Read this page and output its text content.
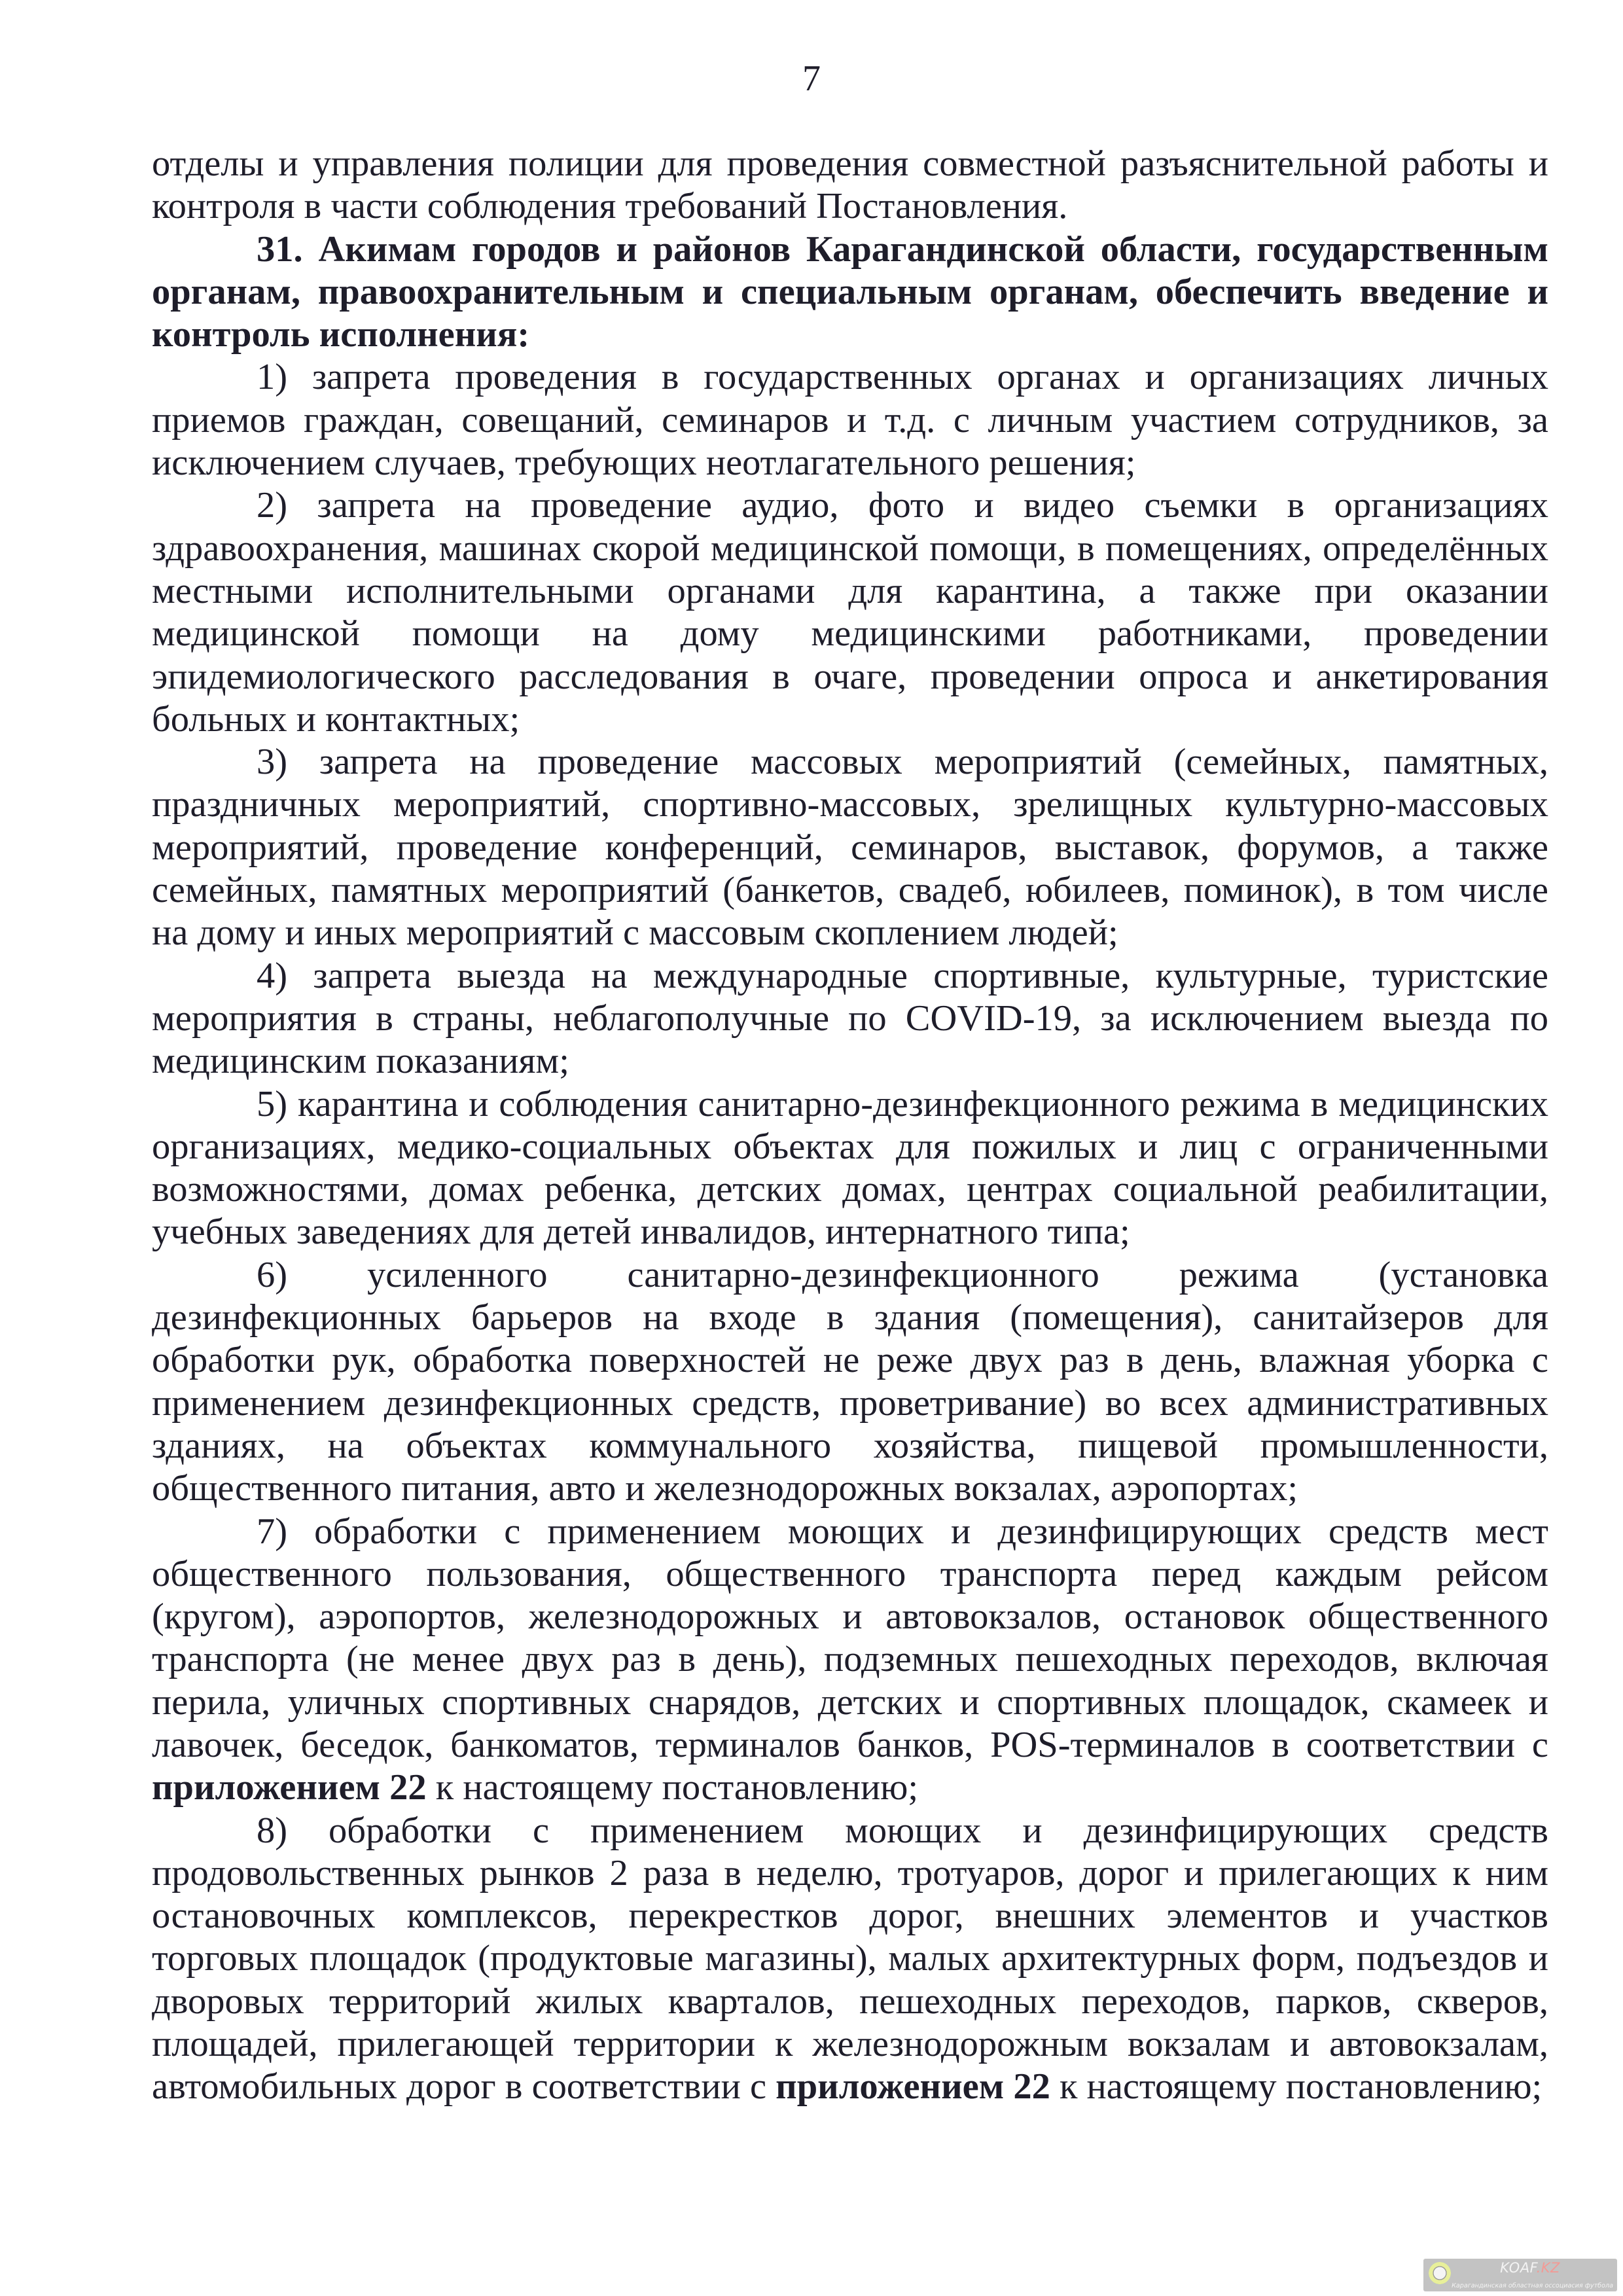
7

отделы и управления полиции для проведения совместной разъяснительной работы и контроля в части соблюдения требований Постановления.

31. Акимам городов и районов Карагандинской области, государственным органам, правоохранительным и специальным органам, обеспечить введение и контроль исполнения:

1) запрета проведения в государственных органах и организациях личных приемов граждан, совещаний, семинаров и т.д. с личным участием сотрудников, за исключением случаев, требующих неотлагательного решения;

2) запрета на проведение аудио, фото и видео съемки в организациях здравоохранения, машинах скорой медицинской помощи, в помещениях, определённых местными исполнительными органами для карантина, а также при оказании медицинской помощи на дому медицинскими работниками, проведении эпидемиологического расследования в очаге, проведении опроса и анкетирования больных и контактных;

3) запрета на проведение массовых мероприятий (семейных, памятных, праздничных мероприятий, спортивно-массовых, зрелищных культурно-массовых мероприятий, проведение конференций, семинаров, выставок, форумов, а также семейных, памятных мероприятий (банкетов, свадеб, юбилеев, поминок), в том числе на дому и иных мероприятий с массовым скоплением людей;

4) запрета выезда на международные спортивные, культурные, туристские мероприятия в страны, неблагополучные по COVID-19, за исключением выезда по медицинским показаниям;

5) карантина и соблюдения санитарно-дезинфекционного режима в медицинских организациях, медико-социальных объектах для пожилых и лиц с ограниченными возможностями, домах ребенка, детских домах, центрах социальной реабилитации, учебных заведениях для детей инвалидов, интернатного типа;

6) усиленного санитарно-дезинфекционного режима (установка дезинфекционных барьеров на входе в здания (помещения), санитайзеров для обработки рук, обработка поверхностей не реже двух раз в день, влажная уборка с применением дезинфекционных средств, проветривание) во всех административных зданиях, на объектах коммунального хозяйства, пищевой промышленности, общественного питания, авто и железнодорожных вокзалах, аэропортах;

7) обработки с применением моющих и дезинфицирующих средств мест общественного пользования, общественного транспорта перед каждым рейсом (кругом), аэропортов, железнодорожных и автовокзалов, остановок общественного транспорта (не менее двух раз в день), подземных пешеходных переходов, включая перила, уличных спортивных снарядов, детских и спортивных площадок, скамеек и лавочек, беседок, банкоматов, терминалов банков, POS-терминалов в соответствии с приложением 22 к настоящему постановлению;

8) обработки с применением моющих и дезинфицирующих средств продовольственных рынков 2 раза в неделю, тротуаров, дорог и прилегающих к ним остановочных комплексов, перекрестков дорог, внешних элементов и участков торговых площадок (продуктовые магазины), малых архитектурных форм, подъездов и дворовых территорий жилых кварталов, пешеходных переходов, парков, скверов, площадей, прилегающей территории к железнодорожным вокзалам и автовокзалам, автомобильных дорог в соответствии с приложением 22 к настоящему постановлению;

KOAF.KZ
Карагандинская областная оссоциасия футбола
